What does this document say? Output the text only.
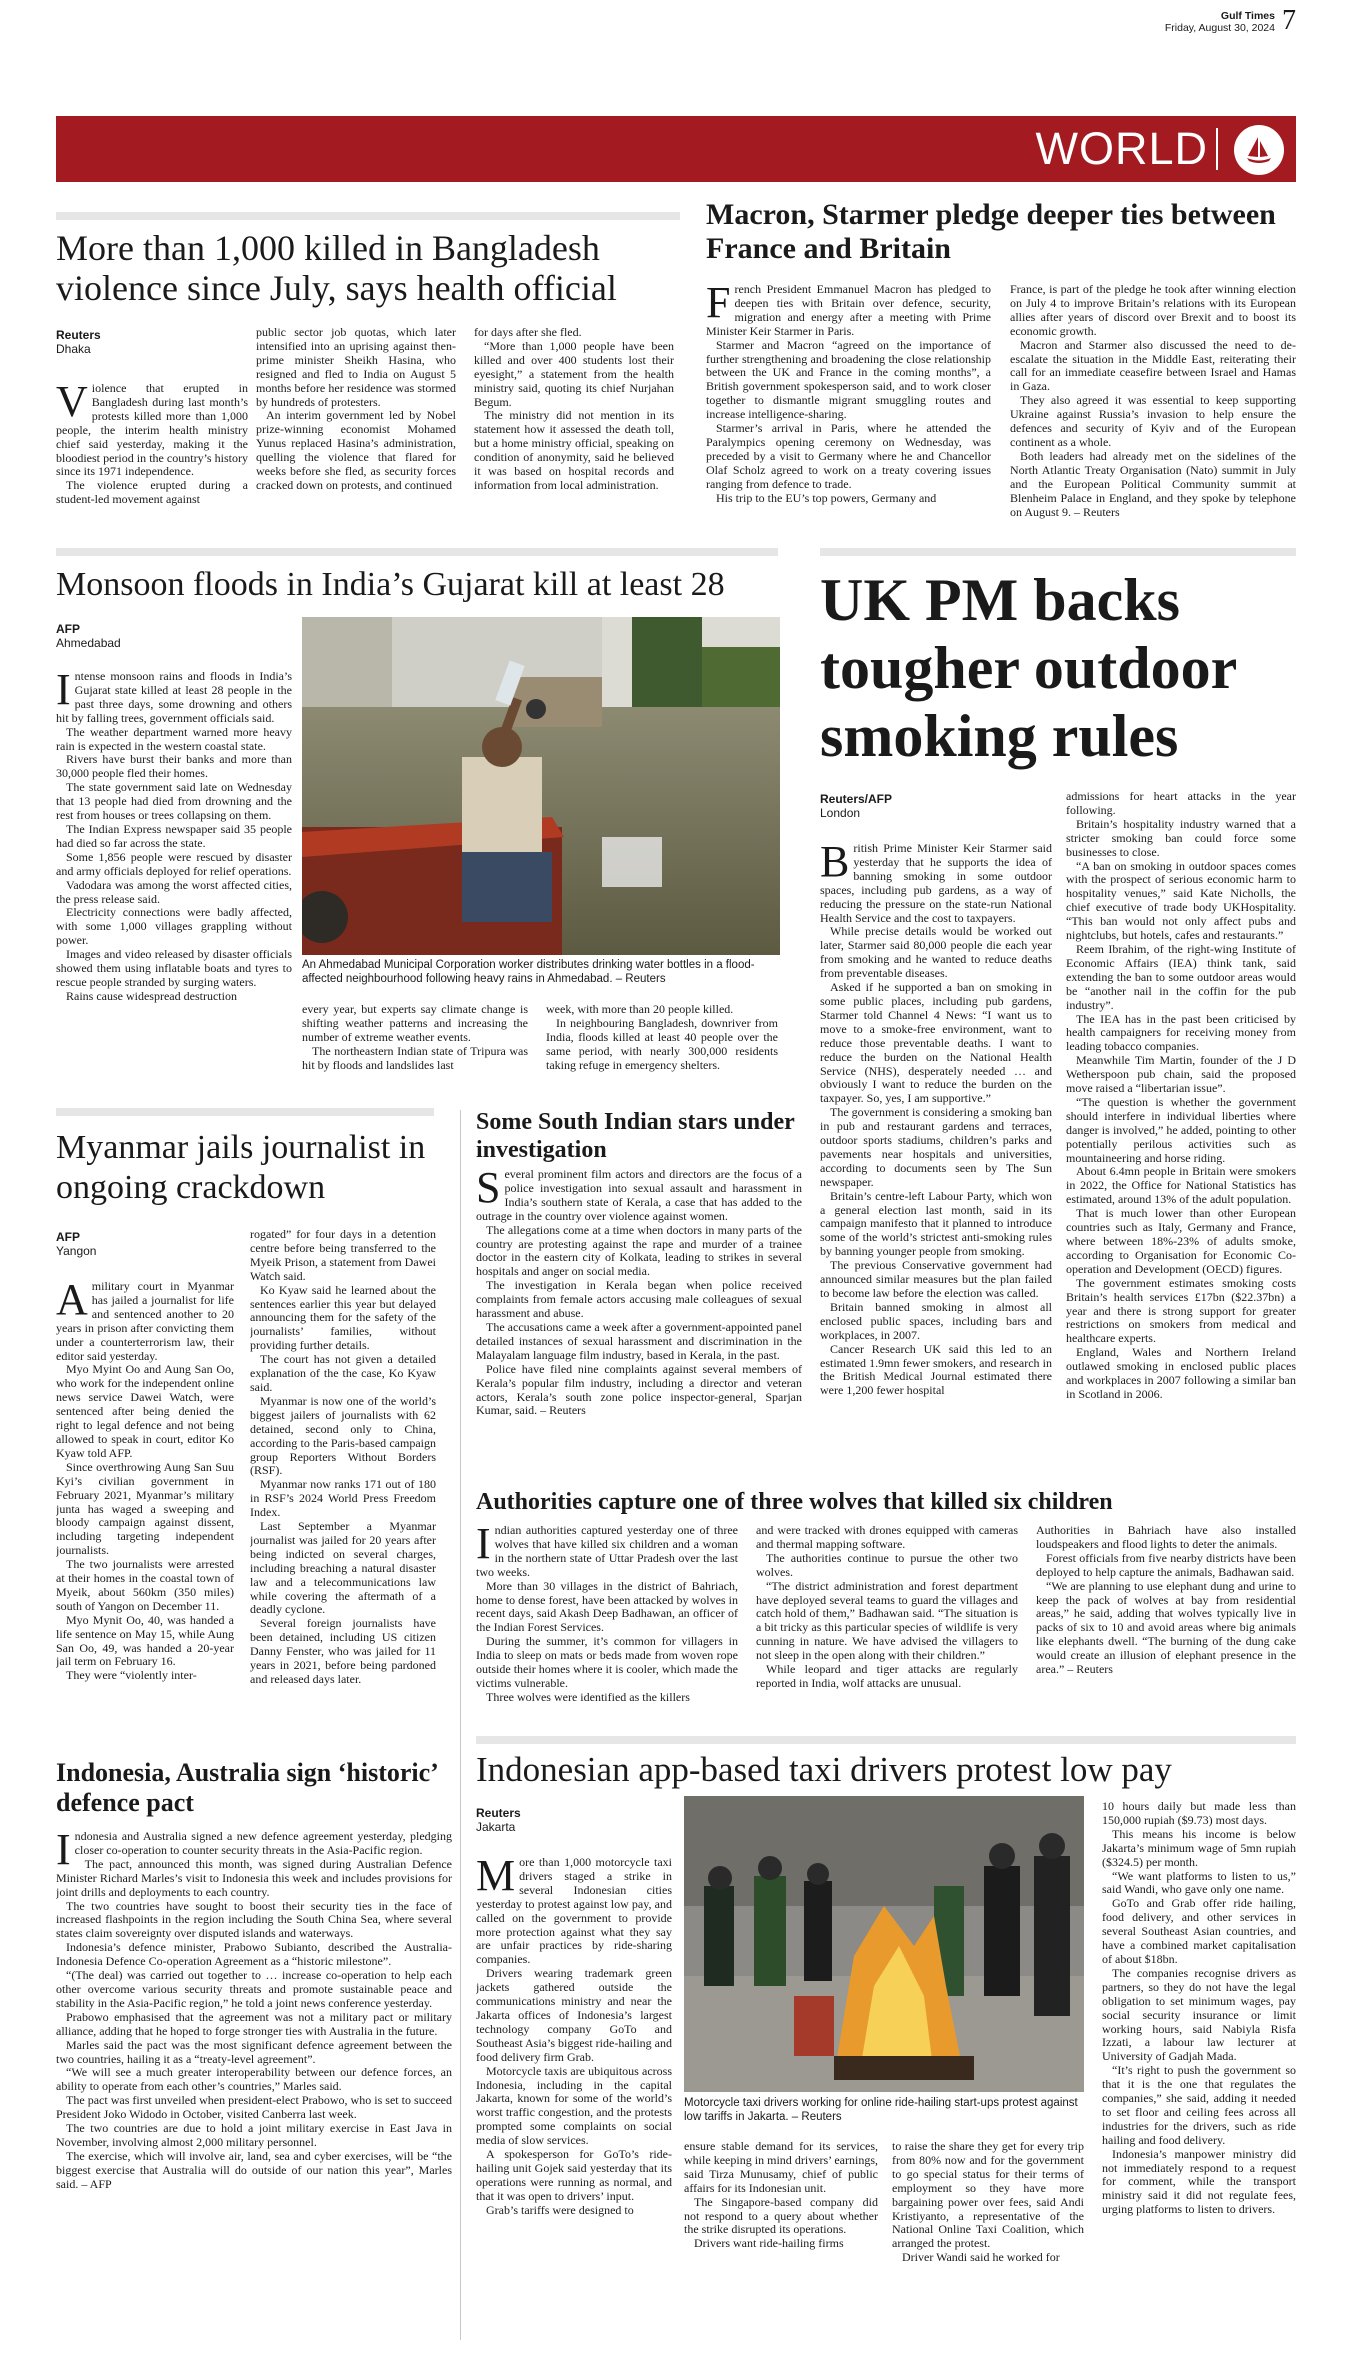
Gulf Times
Friday, August 30, 2024 7
WORLD
More than 1,000 killed in Bangladesh violence since July, says health official
Reuters
Dhaka

Violence that erupted in Bangladesh during last month’s protests killed more than 1,000 people, the interim health ministry chief said yesterday, making it the bloodiest period in the country’s history since its 1971 independence.

The violence erupted during a student-led movement against

public sector job quotas, which later intensified into an uprising against then-prime minister Sheikh Hasina, who resigned and fled to India on August 5 months before her residence was stormed by hundreds of protesters.

An interim government led by Nobel prize-winning economist Mohamed Yunus replaced Hasina’s administration, quelling the violence that flared for weeks before she fled, as security forces cracked down on protests, and continued

for days after she fled.

“More than 1,000 people have been killed and over 400 students lost their eyesight,” a statement from the health ministry said, quoting its chief Nurjahan Begum.

The ministry did not mention in its statement how it assessed the death toll, but a home ministry official, speaking on condition of anonymity, said he believed it was based on hospital records and information from local administration.

Macron, Starmer pledge deeper ties between France and Britain

French President Emmanuel Macron has pledged to deepen ties with Britain over defence, security, migration and energy after a meeting with Prime Minister Keir Starmer in Paris.

Starmer and Macron “agreed on the importance of further strengthening and broadening the close relationship between the UK and France in the coming months”, a British government spokesperson said, and to work closer together to dismantle migrant smuggling routes and increase intelligence-sharing.

Starmer’s arrival in Paris, where he attended the Paralympics opening ceremony on Wednesday, was preceded by a visit to Germany where he and Chancellor Olaf Scholz agreed to work on a treaty covering issues ranging from defence to trade.

His trip to the EU’s top powers, Germany and

France, is part of the pledge he took after winning election on July 4 to improve Britain’s relations with its European allies after years of discord over Brexit and to boost its economic growth.

Macron and Starmer also discussed the need to de-escalate the situation in the Middle East, reiterating their call for an immediate ceasefire between Israel and Hamas in Gaza.

They also agreed it was essential to keep supporting Ukraine against Russia’s invasion to help ensure the defences and security of Kyiv and of the European continent as a whole.

Both leaders had already met on the sidelines of the North Atlantic Treaty Organisation (Nato) summit in July and the European Political Community summit at Blenheim Palace in England, and they spoke by telephone on August 9. – Reuters

Monsoon floods in India’s Gujarat kill at least 28
AFP
Ahmedabad

Intense monsoon rains and floods in India’s Gujarat state killed at least 28 people in the past three days, some drowning and others hit by falling trees, government officials said.

The weather department warned more heavy rain is expected in the western coastal state.

Rivers have burst their banks and more than 30,000 people fled their homes.

The state government said late on Wednesday that 13 people had died from drowning and the rest from houses or trees collapsing on them.

The Indian Express newspaper said 35 people had died so far across the state.

Some 1,856 people were rescued by disaster and army officials deployed for relief operations.

Vadodara was among the worst affected cities, the press release said.

Electricity connections were badly affected, with some 1,000 villages grappling without power.

Images and video released by disaster officials showed them using inflatable boats and tyres to rescue people stranded by surging waters.

Rains cause widespread destruction

An Ahmedabad Municipal Corporation worker distributes drinking water bottles in a flood-affected neighbourhood following heavy rains in Ahmedabad. – Reuters

every year, but experts say climate change is shifting weather patterns and increasing the number of extreme weather events.

The northeastern Indian state of Tripura was hit by floods and landslides last

week, with more than 20 people killed.

In neighbouring Bangladesh, downriver from India, floods killed at least 40 people over the same period, with nearly 300,000 residents taking refuge in emergency shelters.

UK PM backs tougher outdoor smoking rules
Reuters/AFP
London

British Prime Minister Keir Starmer said yesterday that he supports the idea of banning smoking in some outdoor spaces, including pub gardens, as a way of reducing the pressure on the state-run National Health Service and the cost to taxpayers.

While precise details would be worked out later, Starmer said 80,000 people die each year from smoking and he wanted to reduce deaths from preventable diseases.

Asked if he supported a ban on smoking in some public places, including pub gardens, Starmer told Channel 4 News: “I want us to move to a smoke-free environment, want to reduce those preventable deaths. I want to reduce the burden on the National Health Service (NHS), desperately needed … and obviously I want to reduce the burden on the taxpayer. So, yes, I am supportive.”

The government is considering a smoking ban in pub and restaurant gardens and terraces, outdoor sports stadiums, children’s parks and pavements near hospitals and universities, according to documents seen by The Sun newspaper.

Britain’s centre-left Labour Party, which won a general election last month, said in its campaign manifesto that it planned to introduce some of the world’s strictest anti-smoking rules by banning younger people from smoking.

The previous Conservative government had announced similar measures but the plan failed to become law before the election was called.

Britain banned smoking in almost all enclosed public spaces, including bars and workplaces, in 2007.

Cancer Research UK said this led to an estimated 1.9mn fewer smokers, and research in the British Medical Journal estimated there were 1,200 fewer hospital

admissions for heart attacks in the year following.

Britain’s hospitality industry warned that a stricter smoking ban could force some businesses to close.

“A ban on smoking in outdoor spaces comes with the prospect of serious economic harm to hospitality venues,” said Kate Nicholls, the chief executive of trade body UKHospitality. “This ban would not only affect pubs and nightclubs, but hotels, cafes and restaurants.”

Reem Ibrahim, of the right-wing Institute of Economic Affairs (IEA) think tank, said extending the ban to some outdoor areas would be “another nail in the coffin for the pub industry”.

The IEA has in the past been criticised by health campaigners for receiving money from leading tobacco companies.

Meanwhile Tim Martin, founder of the J D Wetherspoon pub chain, said the proposed move raised a “libertarian issue”.

“The question is whether the government should interfere in individual liberties where danger is involved,” he added, pointing to other potentially perilous activities such as mountaineering and horse riding.

About 6.4mn people in Britain were smokers in 2022, the Office for National Statistics has estimated, around 13% of the adult population.

That is much lower than other European countries such as Italy, Germany and France, where between 18%-23% of adults smoke, according to Organisation for Economic Co-operation and Development (OECD) figures.

The government estimates smoking costs Britain’s health services £17bn ($22.37bn) a year and there is strong support for greater restrictions on smokers from medical and healthcare experts.

England, Wales and Northern Ireland outlawed smoking in enclosed public places and workplaces in 2007 following a similar ban in Scotland in 2006.

Myanmar jails journalist in ongoing crackdown
AFP
Yangon

A military court in Myanmar has jailed a journalist for life and sentenced another to 20 years in prison after convicting them under a counterterrorism law, their editor said yesterday.

Myo Myint Oo and Aung San Oo, who work for the independent online news service Dawei Watch, were sentenced after being denied the right to legal defence and not being allowed to speak in court, editor Ko Kyaw told AFP.

Since overthrowing Aung San Suu Kyi’s civilian government in February 2021, Myanmar’s military junta has waged a sweeping and bloody campaign against dissent, including targeting independent journalists.

The two journalists were arrested at their homes in the coastal town of Myeik, about 560km (350 miles) south of Yangon on December 11.

Myo Mynit Oo, 40, was handed a life sentence on May 15, while Aung San Oo, 49, was handed a 20-year jail term on February 16.

They were “violently inter-

rogated” for four days in a detention centre before being transferred to the Myeik Prison, a statement from Dawei Watch said.

Ko Kyaw said he learned about the sentences earlier this year but delayed announcing them for the safety of the journalists’ families, without providing further details.

The court has not given a detailed explanation of the the case, Ko Kyaw said.

Myanmar is now one of the world’s biggest jailers of journalists with 62 detained, second only to China, according to the Paris-based campaign group Reporters Without Borders (RSF).

Myanmar now ranks 171 out of 180 in RSF’s 2024 World Press Freedom Index.

Last September a Myanmar journalist was jailed for 20 years after being indicted on several charges, including breaching a natural disaster law and a telecommunications law while covering the aftermath of a deadly cyclone.

Several foreign journalists have been detained, including US citizen Danny Fenster, who was jailed for 11 years in 2021, before being pardoned and released days later.

Some South Indian stars under investigation

Several prominent film actors and directors are the focus of a police investigation into sexual assault and harassment in India’s southern state of Kerala, a case that has added to the outrage in the country over violence against women.

The allegations come at a time when doctors in many parts of the country are protesting against the rape and murder of a trainee doctor in the eastern city of Kolkata, leading to strikes in several hospitals and anger on social media.

The investigation in Kerala began when police received complaints from female actors accusing male colleagues of sexual harassment and abuse.

The accusations came a week after a government-appointed panel detailed instances of sexual harassment and discrimination in the Malayalam language film industry, based in Kerala, in the past.

Police have filed nine complaints against several members of Kerala’s popular film industry, including a director and veteran actors, Kerala’s south zone police inspector-general, Sparjan Kumar, said. – Reuters

Authorities capture one of three wolves that killed six children

Indian authorities captured yesterday one of three wolves that have killed six children and a woman in the northern state of Uttar Pradesh over the last two weeks.

More than 30 villages in the district of Bahriach, home to dense forest, have been attacked by wolves in recent days, said Akash Deep Badhawan, an officer of the Indian Forest Services.

During the summer, it’s common for villagers in India to sleep on mats or beds made from woven rope outside their homes where it is cooler, which made the victims vulnerable.

Three wolves were identified as the killers

and were tracked with drones equipped with cameras and thermal mapping software.

The authorities continue to pursue the other two wolves.

“The district administration and forest department have deployed several teams to guard the villages and catch hold of them,” Badhawan said. “The situation is a bit tricky as this particular species of wildlife is very cunning in nature. We have advised the villagers to not sleep in the open along with their children.”

While leopard and tiger attacks are regularly reported in India, wolf attacks are unusual.

Authorities in Bahriach have also installed loudspeakers and flood lights to deter the animals.

Forest officials from five nearby districts have been deployed to help capture the animals, Badhawan said.

“We are planning to use elephant dung and urine to keep the pack of wolves at bay from residential areas,” he said, adding that wolves typically live in packs of six to 10 and avoid areas where big animals like elephants dwell. “The burning of the dung cake would create an illusion of elephant presence in the area.” – Reuters

Indonesia, Australia sign ‘historic’ defence pact

Indonesia and Australia signed a new defence agreement yesterday, pledging closer co-operation to counter security threats in the Asia-Pacific region.

The pact, announced this month, was signed during Australian Defence Minister Richard Marles’s visit to Indonesia this week and includes provisions for joint drills and deployments to each country.

The two countries have sought to boost their security ties in the face of increased flashpoints in the region including the South China Sea, where several states claim sovereignty over disputed islands and waterways.

Indonesia’s defence minister, Prabowo Subianto, described the Australia-Indonesia Defence Co-operation Agreement as a “historic milestone”.

“(The deal) was carried out together to … increase co-operation to help each other overcome various security threats and promote sustainable peace and stability in the Asia-Pacific region,” he told a joint news conference yesterday.

Prabowo emphasised that the agreement was not a military pact or military alliance, adding that he hoped to forge stronger ties with Australia in the future.

Marles said the pact was the most significant defence agreement between the two countries, hailing it as a “treaty-level agreement”.

“We will see a much greater interoperability between our defence forces, an ability to operate from each other’s countries,” Marles said.

The pact was first unveiled when president-elect Prabowo, who is set to succeed President Joko Widodo in October, visited Canberra last week.

The two countries are due to hold a joint military exercise in East Java in November, involving almost 2,000 military personnel.

The exercise, which will involve air, land, sea and cyber exercises, will be “the biggest exercise that Australia will do outside of our nation this year”, Marles said. – AFP

Indonesian app-based taxi drivers protest low pay
Reuters
Jakarta

More than 1,000 motorcycle taxi drivers staged a strike in several Indonesian cities yesterday to protest against low pay, and called on the government to provide more protection against what they say are unfair practices by ride-sharing companies.

Drivers wearing trademark green jackets gathered outside the communications ministry and near the Jakarta offices of Indonesia’s largest technology company GoTo and Southeast Asia’s biggest ride-hailing and food delivery firm Grab.

Motorcycle taxis are ubiquitous across Indonesia, including in the capital Jakarta, known for some of the world’s worst traffic congestion, and the protests prompted some complaints on social media of slow services.

A spokesperson for GoTo’s ride-hailing unit Gojek said yesterday that its operations were running as normal, and that it was open to drivers’ input.

Grab’s tariffs were designed to

Motorcycle taxi drivers working for online ride-hailing start-ups protest against low tariffs in Jakarta. – Reuters

ensure stable demand for its services, while keeping in mind drivers’ earnings, said Tirza Munusamy, chief of public affairs for its Indonesian unit.

The Singapore-based company did not respond to a query about whether the strike disrupted its operations.

Drivers want ride-hailing firms

to raise the share they get for every trip from 80% now and for the government to go special status for their terms of employment so they have more bargaining power over fees, said Andi Kristiyanto, a representative of the National Online Taxi Coalition, which arranged the protest.

Driver Wandi said he worked for

10 hours daily but made less than 150,000 rupiah ($9.73) most days.

This means his income is below Jakarta’s minimum wage of 5mn rupiah ($324.5) per month.

“We want platforms to listen to us,” said Wandi, who gave only one name.

GoTo and Grab offer ride hailing, food delivery, and other services in several Southeast Asian countries, and have a combined market capitalisation of about $18bn.

The companies recognise drivers as partners, so they do not have the legal obligation to set minimum wages, pay social security insurance or limit working hours, said Nabiyla Risfa Izzati, a labour law lecturer at University of Gadjah Mada.

“It’s right to push the government so that it is the one that regulates the companies,” she said, adding it needed to set floor and ceiling fees across all industries for the drivers, such as ride hailing and food delivery.

Indonesia’s manpower ministry did not immediately respond to a request for comment, while the transport ministry said it did not regulate fees, urging platforms to listen to drivers.
